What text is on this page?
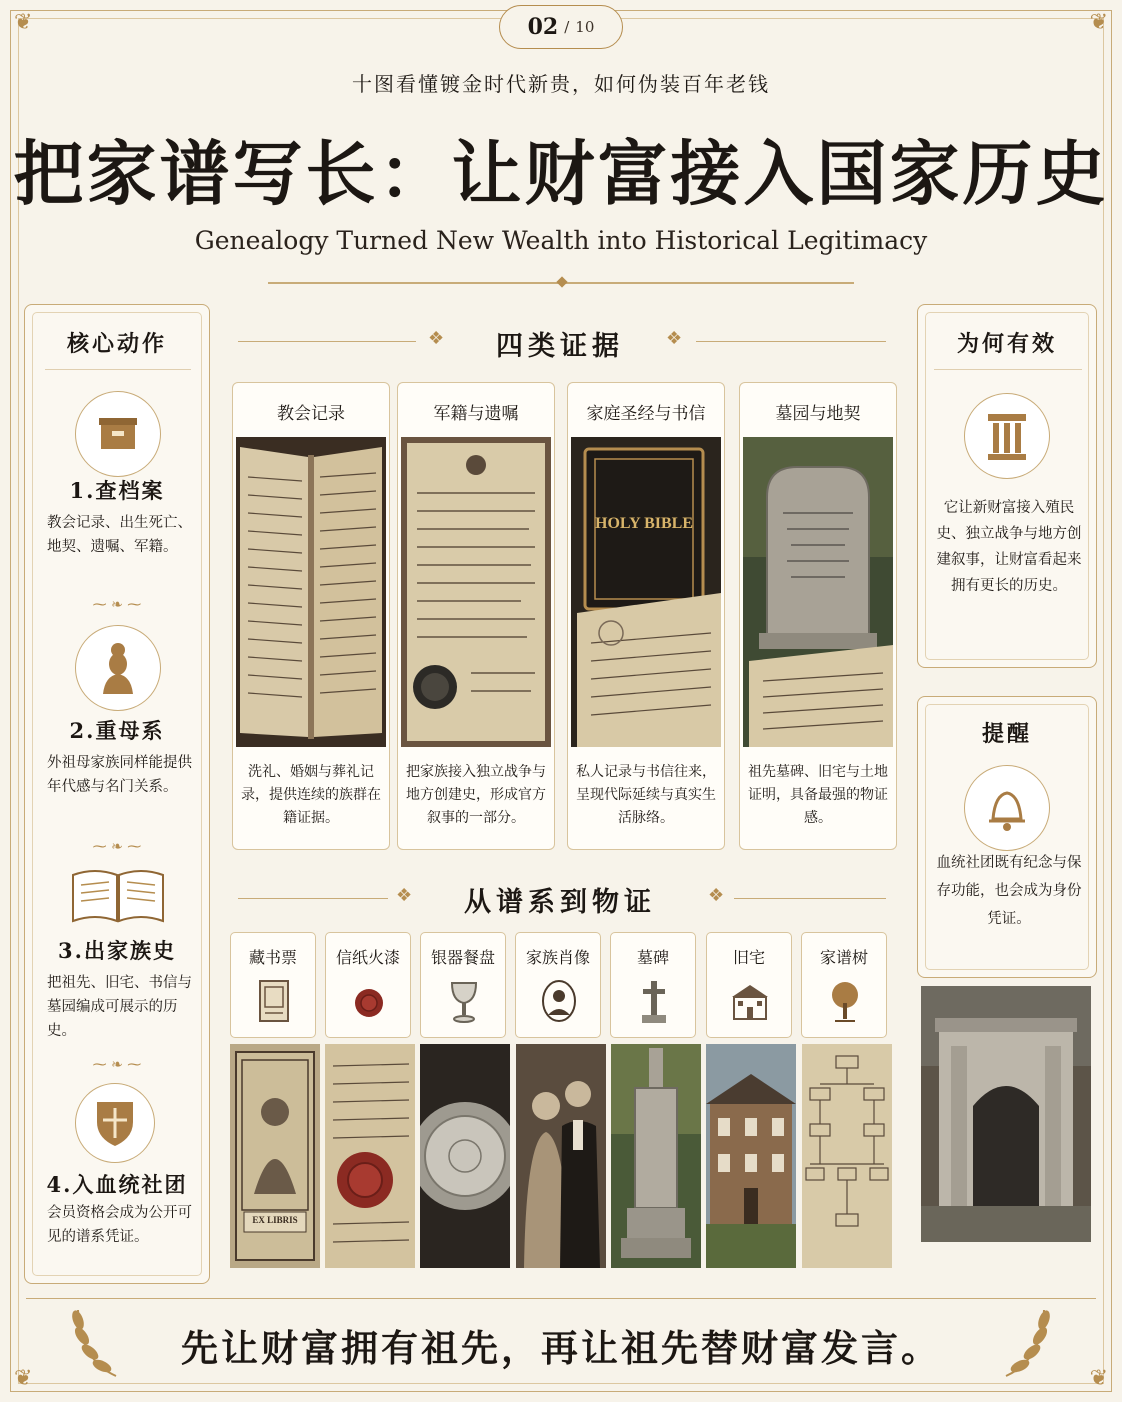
❦	❦
❦	❦
02 / 10
十图看懂镀金时代新贵，如何伪装百年老钱
把家谱写长：让财富接入国家历史
Genealogy Turned New Wealth into Historical Legitimacy
核心动作
1.查档案
教会记录、出生死亡、地契、遗嘱、军籍。
⁓ ❧ ⁓
2.重母系
外祖母家族同样能提供年代感与名门关系。
⁓ ❧ ⁓
3.出家族史
把祖先、旧宅、书信与墓园编成可展示的历史。
⁓ ❧ ⁓
4.入血统社团
会员资格会成为公开可见的谱系凭证。
❖	四类证据	❖
教会记录
洗礼、婚姻与葬礼记录，提供连续的族群在籍证据。
军籍与遗嘱
把家族接入独立战争与地方创建史，形成官方叙事的一部分。
家庭圣经与书信
HOLY BIBLE
私人记录与书信往来，呈现代际延续与真实生活脉络。
墓园与地契
祖先墓碑、旧宅与土地证明，具备最强的物证感。
❖	从谱系到物证	❖
藏书票	信纸火漆	银器餐盘	家族肖像	墓碑	旧宅	家谱树
EX LIBRIS
为何有效
它让新财富接入殖民史、独立战争与地方创建叙事，让财富看起来拥有更长的历史。
提醒
血统社团既有纪念与保存功能，也会成为身份凭证。
先让财富拥有祖先，再让祖先替财富发言。
